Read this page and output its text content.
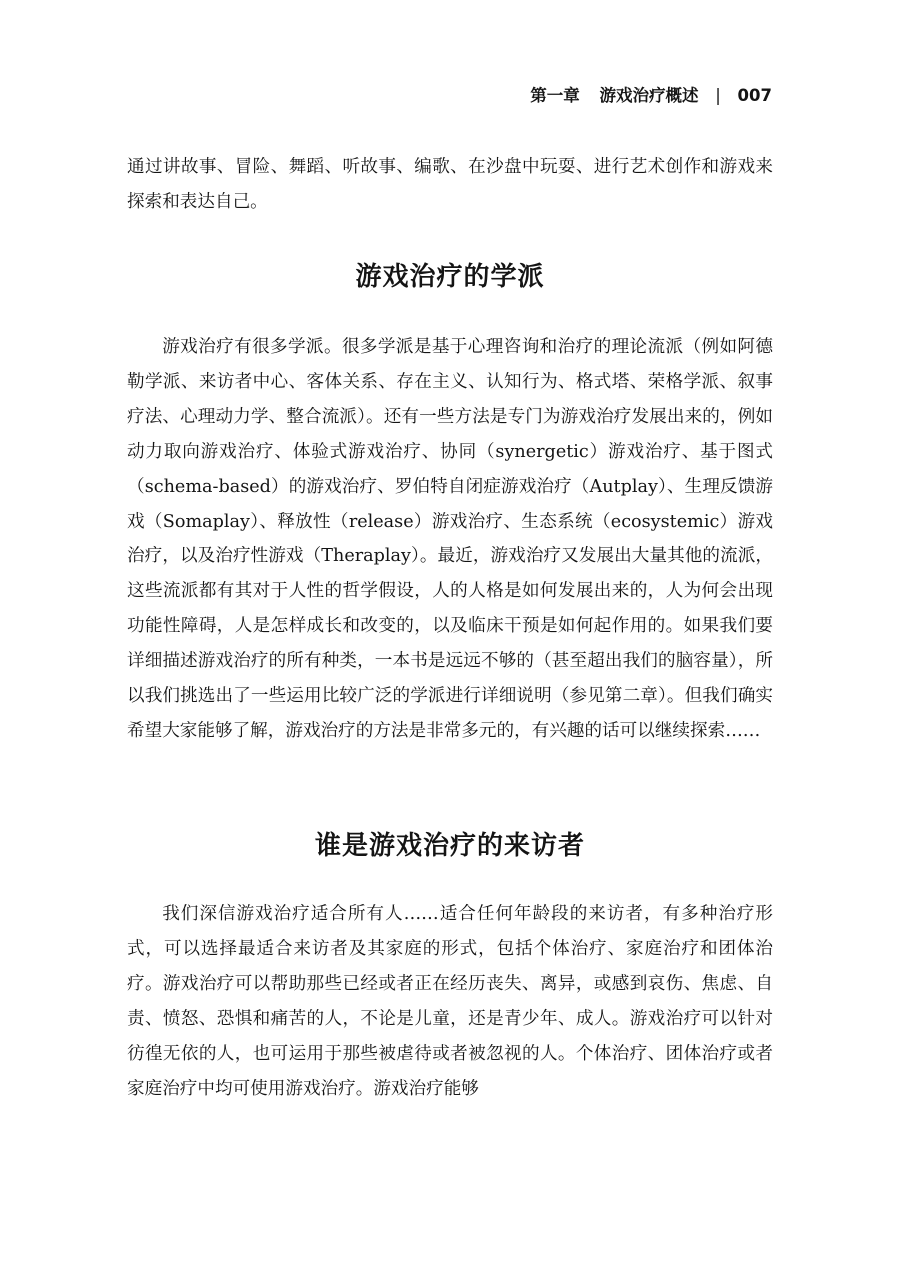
第一章 游戏治疗概述 | 007

通过讲故事、冒险、舞蹈、听故事、编歌、在沙盘中玩耍、进行艺术创作和游戏来探索和表达自己。

游戏治疗的学派

游戏治疗有很多学派。很多学派是基于心理咨询和治疗的理论流派（例如阿德勒学派、来访者中心、客体关系、存在主义、认知行为、格式塔、荣格学派、叙事疗法、心理动力学、整合流派）。还有一些方法是专门为游戏治疗发展出来的，例如动力取向游戏治疗、体验式游戏治疗、协同（synergetic）游戏治疗、基于图式（schema-based）的游戏治疗、罗伯特自闭症游戏治疗（Autplay）、生理反馈游戏（Somaplay）、释放性（release）游戏治疗、生态系统（ecosystemic）游戏治疗，以及治疗性游戏（Theraplay）。最近，游戏治疗又发展出大量其他的流派，这些流派都有其对于人性的哲学假设，人的人格是如何发展出来的，人为何会出现功能性障碍，人是怎样成长和改变的，以及临床干预是如何起作用的。如果我们要详细描述游戏治疗的所有种类，一本书是远远不够的（甚至超出我们的脑容量），所以我们挑选出了一些运用比较广泛的学派进行详细说明（参见第二章）。但我们确实希望大家能够了解，游戏治疗的方法是非常多元的，有兴趣的话可以继续探索……

谁是游戏治疗的来访者

我们深信游戏治疗适合所有人……适合任何年龄段的来访者，有多种治疗形式，可以选择最适合来访者及其家庭的形式，包括个体治疗、家庭治疗和团体治疗。游戏治疗可以帮助那些已经或者正在经历丧失、离异，或感到哀伤、焦虑、自责、愤怒、恐惧和痛苦的人，不论是儿童，还是青少年、成人。游戏治疗可以针对彷徨无依的人，也可运用于那些被虐待或者被忽视的人。个体治疗、团体治疗或者家庭治疗中均可使用游戏治疗。游戏治疗能够
